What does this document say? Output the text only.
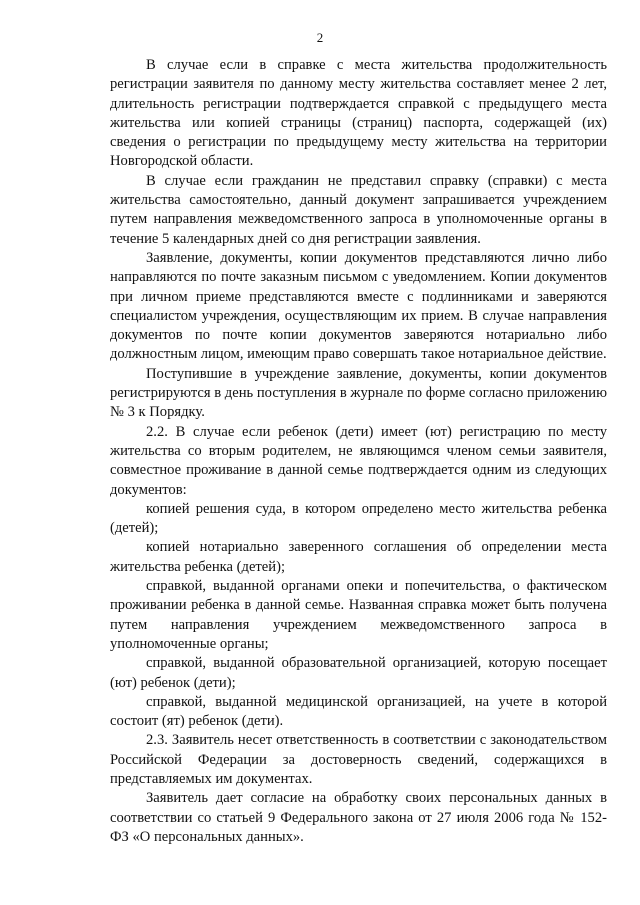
2

В случае если в справке с места жительства продолжительность регистрации заявителя по данному месту жительства составляет менее 2 лет, длительность регистрации подтверждается справкой с предыдущего места жительства или копией страницы (страниц) паспорта, содержащей (их) сведения о регистрации по предыдущему месту жительства на территории Новгородской области.

В случае если гражданин не представил справку (справки) с места жительства самостоятельно, данный документ запрашивается учреждением путем направления межведомственного запроса в уполномоченные органы в течение 5 календарных дней со дня регистрации заявления.

Заявление, документы, копии документов представляются лично либо направляются по почте заказным письмом с уведомлением. Копии документов при личном приеме представляются вместе с подлинниками и заверяются специалистом учреждения, осуществляющим их прием. В случае направления документов по почте копии документов заверяются нотариально либо должностным лицом, имеющим право совершать такое нотариальное действие.

Поступившие в учреждение заявление, документы, копии документов регистрируются в день поступления в журнале по форме согласно приложению № 3 к Порядку.

2.2. В случае если ребенок (дети) имеет (ют) регистрацию по месту жительства со вторым родителем, не являющимся членом семьи заявителя, совместное проживание в данной семье подтверждается одним из следующих документов:

копией решения суда, в котором определено место жительства ребенка (детей);

копией нотариально заверенного соглашения об определении места жительства ребенка (детей);

справкой, выданной органами опеки и попечительства, о фактическом проживании ребенка в данной семье. Названная справка может быть получена путем направления учреждением межведомственного запроса в уполномоченные органы;

справкой, выданной образовательной организацией, которую посещает (ют) ребенок (дети);

справкой, выданной медицинской организацией, на учете в которой состоит (ят) ребенок (дети).

2.3. Заявитель несет ответственность в соответствии с законодательством Российской Федерации за достоверность сведений, содержащихся в представляемых им документах.

Заявитель дает согласие на обработку своих персональных данных в соответствии со статьей 9 Федерального закона от 27 июля 2006 года № 152-ФЗ «О персональных данных».
